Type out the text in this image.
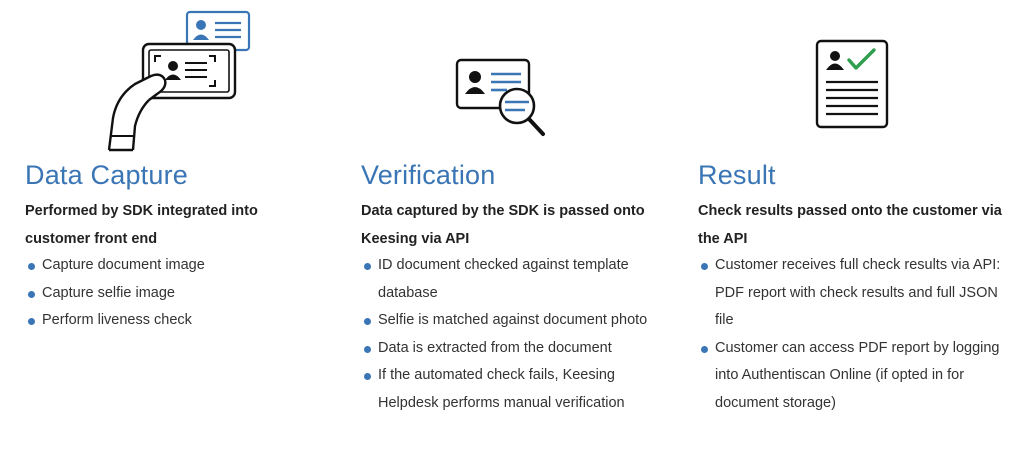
Data Capture
Performed by SDK integrated into customer front end
Capture document image
Capture selfie image
Perform liveness check
Verification
Data captured by the SDK is passed onto Keesing via API
ID document checked against template database
Selfie is matched against document photo
Data is extracted from the document
If the automated check fails, Keesing Helpdesk performs manual verification
Result
Check results passed onto the customer via the API
Customer receives full check results via API: PDF report with check results and full JSON file
Customer can access PDF report by logging into Authentiscan Online (if opted in for document storage)
